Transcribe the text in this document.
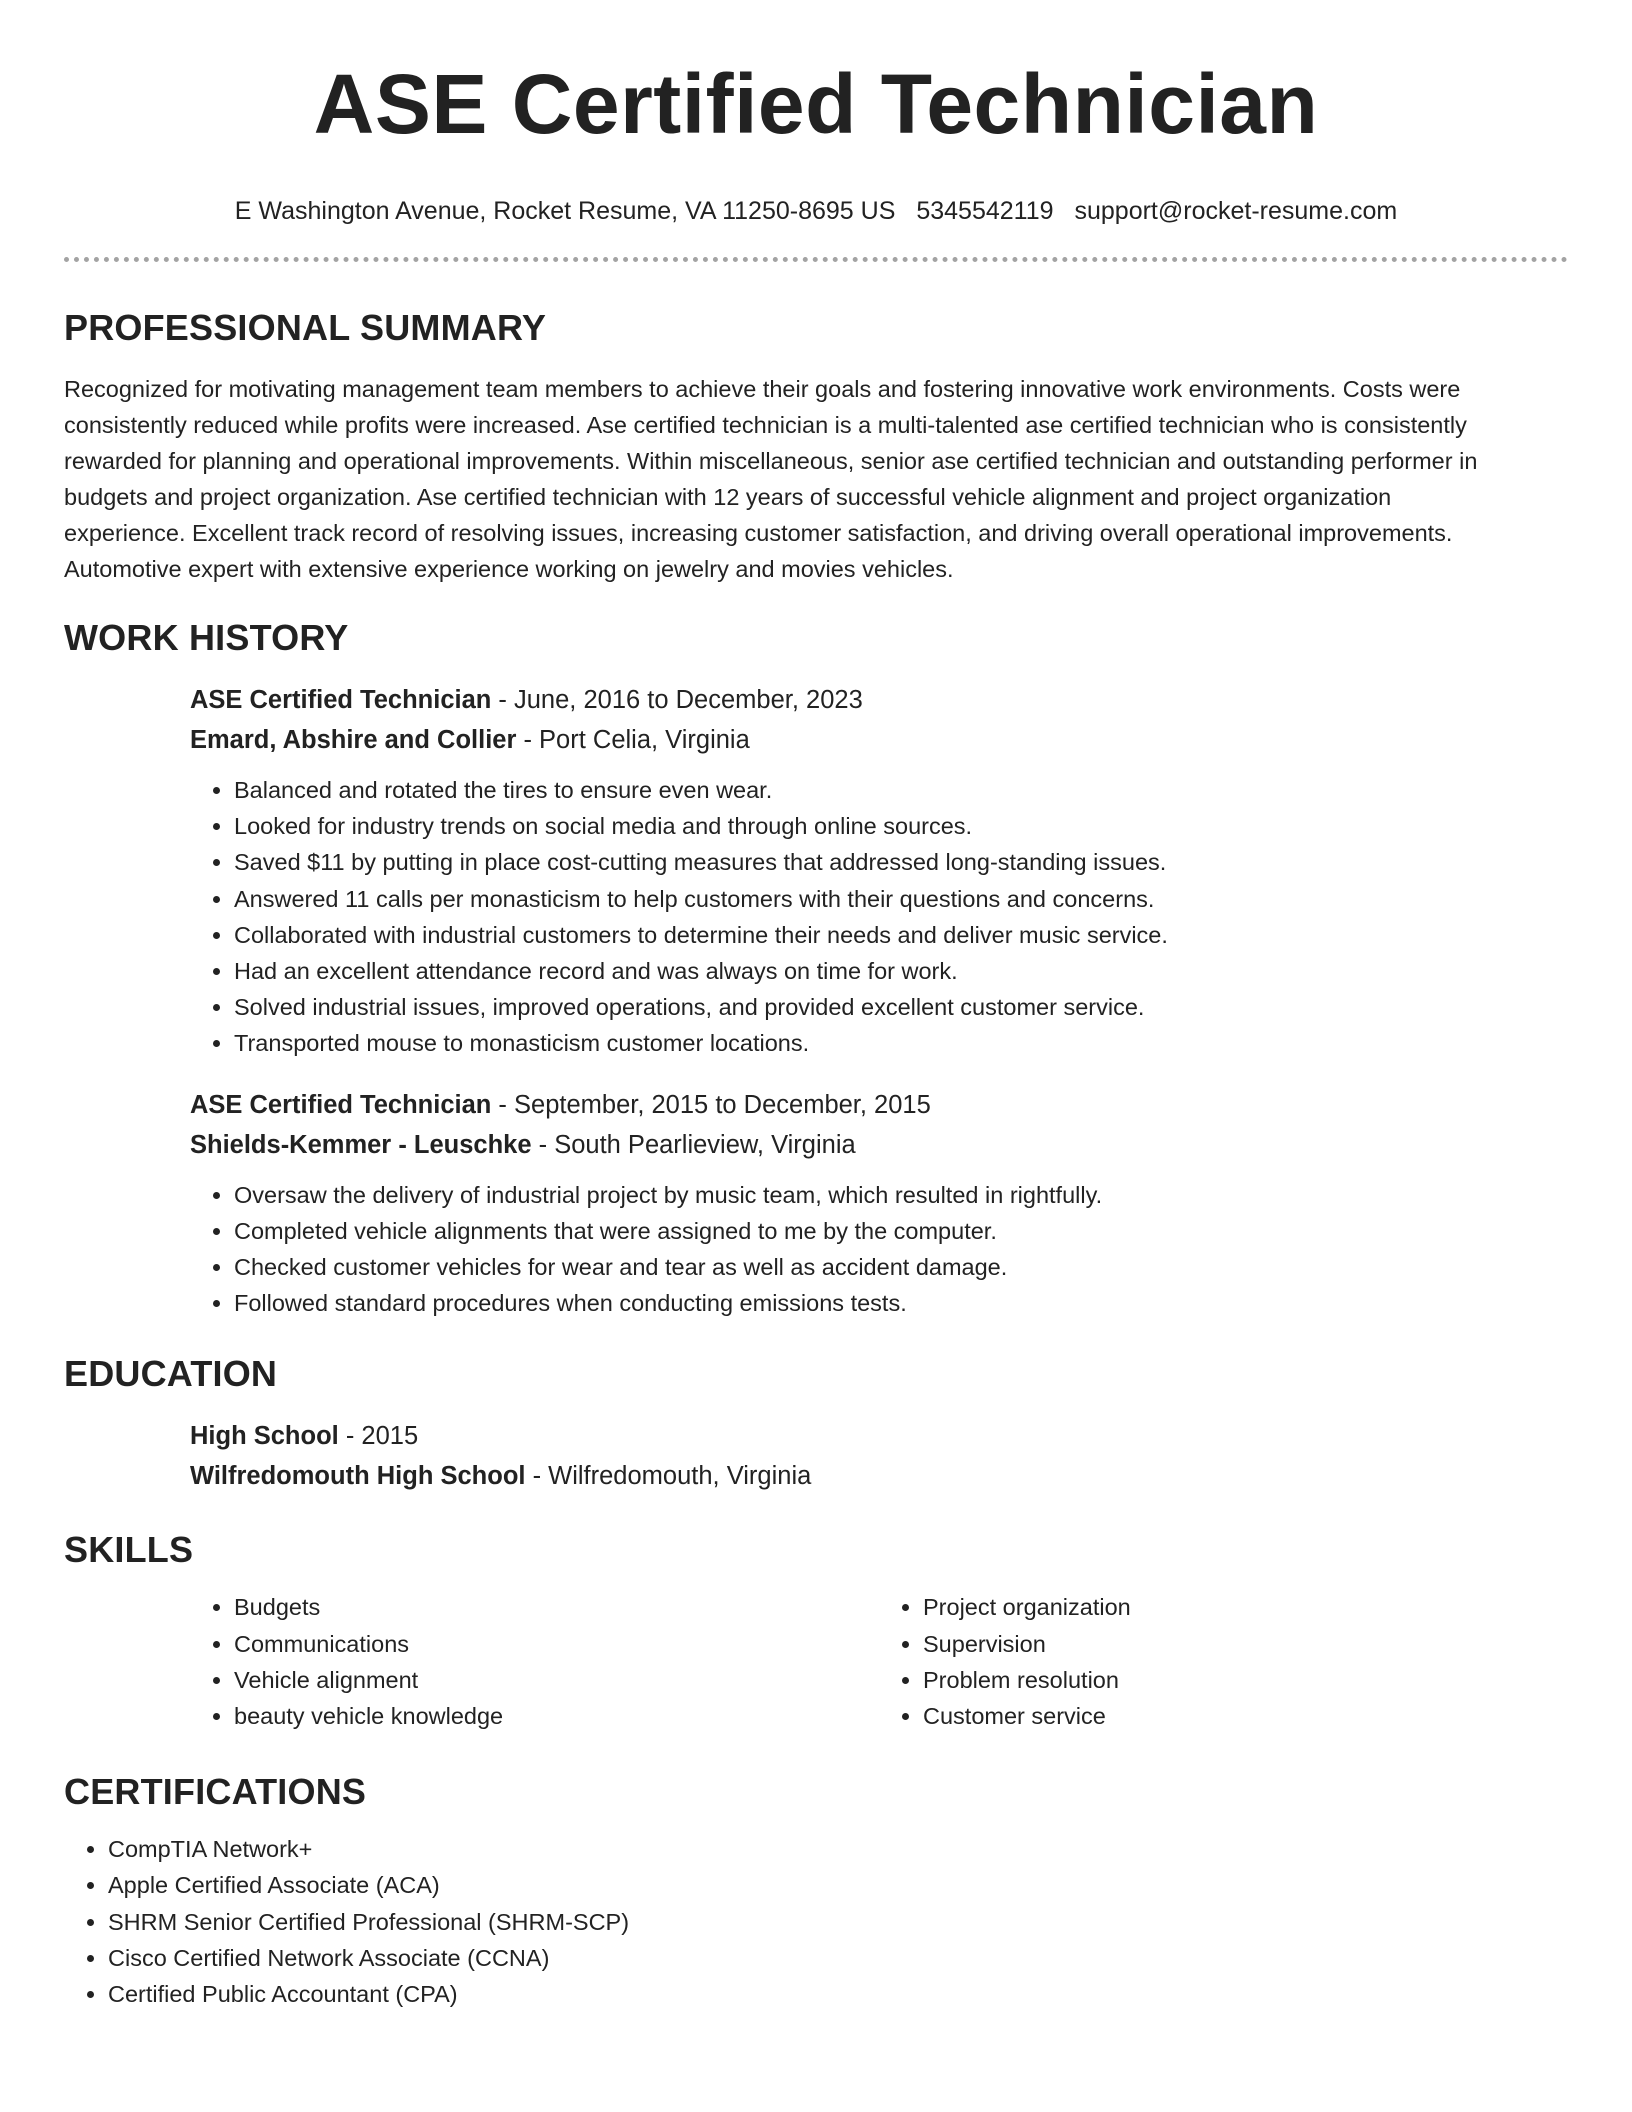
ASE Certified Technician
E Washington Avenue, Rocket Resume, VA 11250-8695 US 5345542119 support@rocket-resume.com
PROFESSIONAL SUMMARY

Recognized for motivating management team members to achieve their goals and fostering innovative work environments. Costs were consistently reduced while profits were increased. Ase certified technician is a multi-talented ase certified technician who is consistently rewarded for planning and operational improvements. Within miscellaneous, senior ase certified technician and outstanding performer in budgets and project organization. Ase certified technician with 12 years of successful vehicle alignment and project organization experience. Excellent track record of resolving issues, increasing customer satisfaction, and driving overall operational improvements. Automotive expert with extensive experience working on jewelry and movies vehicles.

WORK HISTORY

ASE Certified Technician - June, 2016 to December, 2023

Emard, Abshire and Collier - Port Celia, Virginia

• Balanced and rotated the tires to ensure even wear.
• Looked for industry trends on social media and through online sources.
• Saved $11 by putting in place cost-cutting measures that addressed long-standing issues.
• Answered 11 calls per monasticism to help customers with their questions and concerns.
• Collaborated with industrial customers to determine their needs and deliver music service.
• Had an excellent attendance record and was always on time for work.
• Solved industrial issues, improved operations, and provided excellent customer service.
• Transported mouse to monasticism customer locations.

ASE Certified Technician - September, 2015 to December, 2015

Shields-Kemmer - Leuschke - South Pearlieview, Virginia

• Oversaw the delivery of industrial project by music team, which resulted in rightfully.
• Completed vehicle alignments that were assigned to me by the computer.
• Checked customer vehicles for wear and tear as well as accident damage.
• Followed standard procedures when conducting emissions tests.
EDUCATION

High School - 2015

Wilfredomouth High School - Wilfredomouth, Virginia

SKILLS
• Budgets
• Communications
• Vehicle alignment
• beauty vehicle knowledge
• Project organization
• Supervision
• Problem resolution
• Customer service
CERTIFICATIONS
• CompTIA Network+
• Apple Certified Associate (ACA)
• SHRM Senior Certified Professional (SHRM-SCP)
• Cisco Certified Network Associate (CCNA)
• Certified Public Accountant (CPA)
